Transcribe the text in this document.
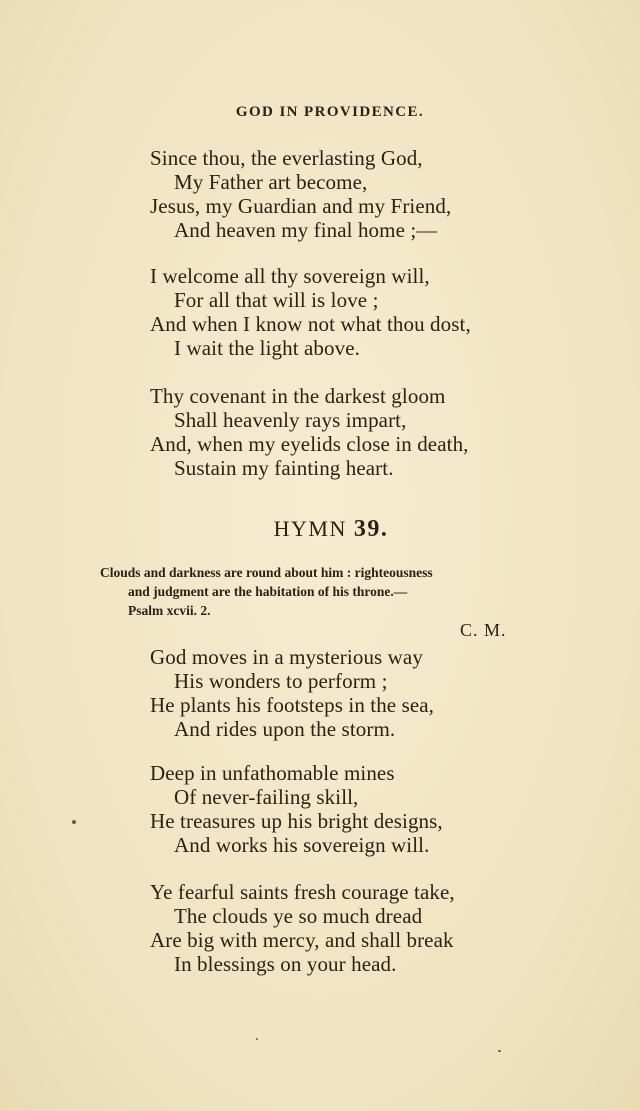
GOD IN PROVIDENCE.
Since thou, the everlasting God,
My Father art become,
Jesus, my Guardian and my Friend,
And heaven my final home ;—
I welcome all thy sovereign will,
For all that will is love ;
And when I know not what thou dost,
I wait the light above.
Thy covenant in the darkest gloom
Shall heavenly rays impart,
And, when my eyelids close in death,
Sustain my fainting heart.
HYMN 39.
Clouds and darkness are round about him : righteousness
and judgment are the habitation of his throne.—
Psalm xcvii. 2.
C. M.
God moves in a mysterious way
His wonders to perform ;
He plants his footsteps in the sea,
And rides upon the storm.
Deep in unfathomable mines
Of never-failing skill,
He treasures up his bright designs,
And works his sovereign will.
Ye fearful saints fresh courage take,
The clouds ye so much dread
Are big with mercy, and shall break
In blessings on your head.
